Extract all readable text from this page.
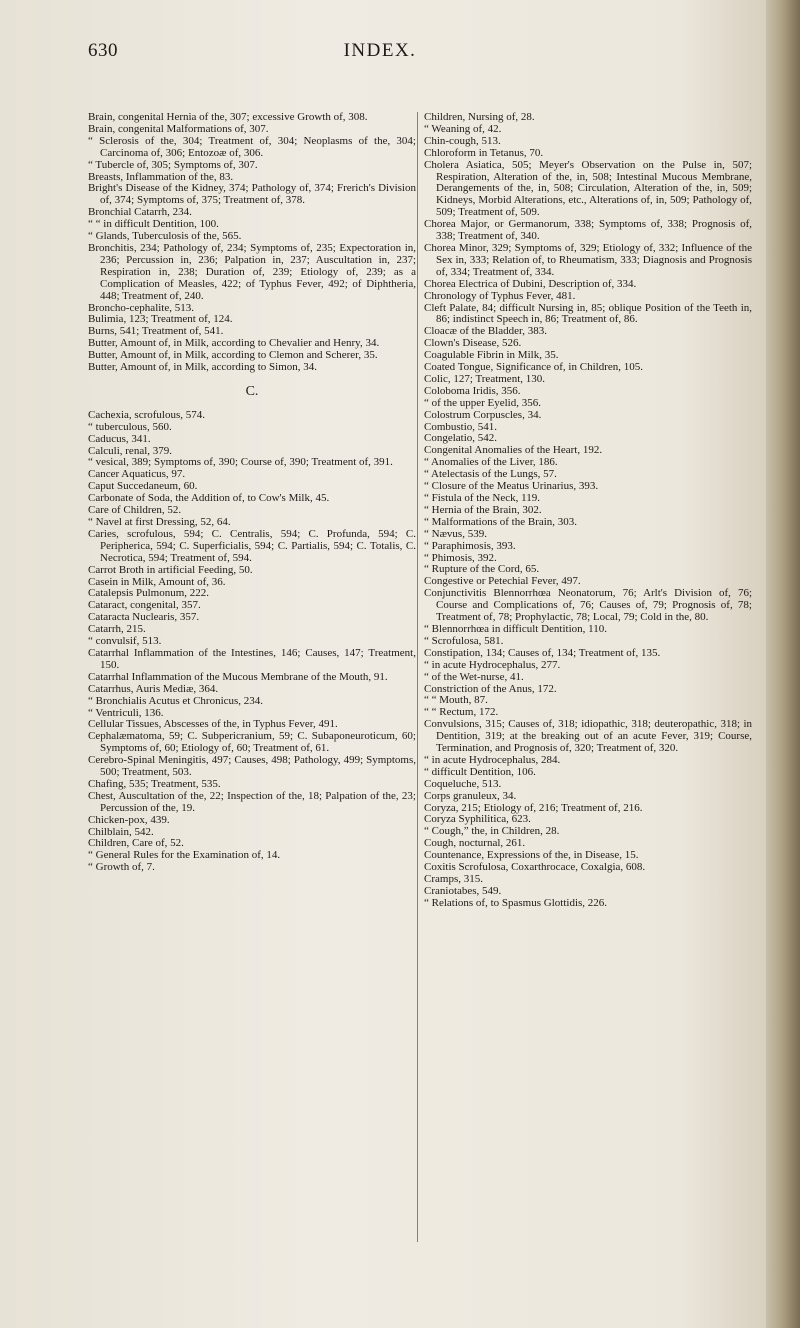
630	INDEX.

Brain, congenital Hernia of the, 307; excessive Growth of, 308.

Brain, congenital Malformations of, 307.

“ Sclerosis of the, 304; Treatment of, 304; Neoplasms of the, 304; Carcinoma of, 306; Entozoæ of, 306.

“ Tubercle of, 305; Symptoms of, 307.

Breasts, Inflammation of the, 83.

Bright's Disease of the Kidney, 374; Pathology of, 374; Frerich's Division of, 374; Symptoms of, 375; Treatment of, 378.

Bronchial Catarrh, 234.

“ “ in difficult Dentition, 100.

“ Glands, Tuberculosis of the, 565.

Bronchitis, 234; Pathology of, 234; Symptoms of, 235; Expectoration in, 236; Percussion in, 236; Palpation in, 237; Auscultation in, 237; Respiration in, 238; Duration of, 239; Etiology of, 239; as a Complication of Measles, 422; of Typhus Fever, 492; of Diphtheria, 448; Treatment of, 240.

Broncho-cephalite, 513.

Bulimia, 123; Treatment of, 124.

Burns, 541; Treatment of, 541.

Butter, Amount of, in Milk, according to Chevalier and Henry, 34.

Butter, Amount of, in Milk, according to Clemon and Scherer, 35.

Butter, Amount of, in Milk, according to Simon, 34.

C.

Cachexia, scrofulous, 574.

“ tuberculous, 560.

Caducus, 341.

Calculi, renal, 379.

“ vesical, 389; Symptoms of, 390; Course of, 390; Treatment of, 391.

Cancer Aquaticus, 97.

Caput Succedaneum, 60.

Carbonate of Soda, the Addition of, to Cow's Milk, 45.

Care of Children, 52.

“ Navel at first Dressing, 52, 64.

Caries, scrofulous, 594; C. Centralis, 594; C. Profunda, 594; C. Peripherica, 594; C. Superficialis, 594; C. Partialis, 594; C. Totalis, C. Necrotica, 594; Treatment of, 594.

Carrot Broth in artificial Feeding, 50.

Casein in Milk, Amount of, 36.

Catalepsis Pulmonum, 222.

Cataract, congenital, 357.

Cataracta Nuclearis, 357.

Catarrh, 215.

“ convulsif, 513.

Catarrhal Inflammation of the Intestines, 146; Causes, 147; Treatment, 150.

Catarrhal Inflammation of the Mucous Membrane of the Mouth, 91.

Catarrhus, Auris Mediæ, 364.

“ Bronchialis Acutus et Chronicus, 234.

“ Ventriculi, 136.

Cellular Tissues, Abscesses of the, in Typhus Fever, 491.

Cephalæmatoma, 59; C. Subpericranium, 59; C. Subaponeuroticum, 60; Symptoms of, 60; Etiology of, 60; Treatment of, 61.

Cerebro-Spinal Meningitis, 497; Causes, 498; Pathology, 499; Symptoms, 500; Treatment, 503.

Chafing, 535; Treatment, 535.

Chest, Auscultation of the, 22; Inspection of the, 18; Palpation of the, 23; Percussion of the, 19.

Chicken-pox, 439.

Chilblain, 542.

Children, Care of, 52.

“ General Rules for the Examination of, 14.

“ Growth of, 7.

Children, Nursing of, 28.

“ Weaning of, 42.

Chin-cough, 513.

Chloroform in Tetanus, 70.

Cholera Asiatica, 505; Meyer's Observation on the Pulse in, 507; Respiration, Alteration of the, in, 508; Intestinal Mucous Membrane, Derangements of the, in, 508; Circulation, Alteration of the, in, 509; Kidneys, Morbid Alterations, etc., Alterations of, in, 509; Pathology of, 509; Treatment of, 509.

Chorea Major, or Germanorum, 338; Symptoms of, 338; Prognosis of, 338; Treatment of, 340.

Chorea Minor, 329; Symptoms of, 329; Etiology of, 332; Influence of the Sex in, 333; Relation of, to Rheumatism, 333; Diagnosis and Prognosis of, 334; Treatment of, 334.

Chorea Electrica of Dubini, Description of, 334.

Chronology of Typhus Fever, 481.

Cleft Palate, 84; difficult Nursing in, 85; oblique Position of the Teeth in, 86; indistinct Speech in, 86; Treatment of, 86.

Cloacæ of the Bladder, 383.

Clown's Disease, 526.

Coagulable Fibrin in Milk, 35.

Coated Tongue, Significance of, in Children, 105.

Colic, 127; Treatment, 130.

Coloboma Iridis, 356.

“ of the upper Eyelid, 356.

Colostrum Corpuscles, 34.

Combustio, 541.

Congelatio, 542.

Congenital Anomalies of the Heart, 192.

“ Anomalies of the Liver, 186.

“ Atelectasis of the Lungs, 57.

“ Closure of the Meatus Urinarius, 393.

“ Fistula of the Neck, 119.

“ Hernia of the Brain, 302.

“ Malformations of the Brain, 303.

“ Nævus, 539.

“ Paraphimosis, 393.

“ Phimosis, 392.

“ Rupture of the Cord, 65.

Congestive or Petechial Fever, 497.

Conjunctivitis Blennorrhœa Neonatorum, 76; Arlt's Division of, 76; Course and Complications of, 76; Causes of, 79; Prognosis of, 78; Treatment of, 78; Prophylactic, 78; Local, 79; Cold in the, 80.

“ Blennorrhœa in difficult Dentition, 110.

“ Scrofulosa, 581.

Constipation, 134; Causes of, 134; Treatment of, 135.

“ in acute Hydrocephalus, 277.

“ of the Wet-nurse, 41.

Constriction of the Anus, 172.

“ “ Mouth, 87.

“ “ Rectum, 172.

Convulsions, 315; Causes of, 318; idiopathic, 318; deuteropathic, 318; in Dentition, 319; at the breaking out of an acute Fever, 319; Course, Termination, and Prognosis of, 320; Treatment of, 320.

“ in acute Hydrocephalus, 284.

“ difficult Dentition, 106.

Coqueluche, 513.

Corps granuleux, 34.

Coryza, 215; Etiology of, 216; Treatment of, 216.

Coryza Syphilitica, 623.

“ Cough,” the, in Children, 28.

Cough, nocturnal, 261.

Countenance, Expressions of the, in Disease, 15.

Coxitis Scrofulosa, Coxarthrocace, Coxalgia, 608.

Cramps, 315.

Craniotabes, 549.

“ Relations of, to Spasmus Glottidis, 226.
